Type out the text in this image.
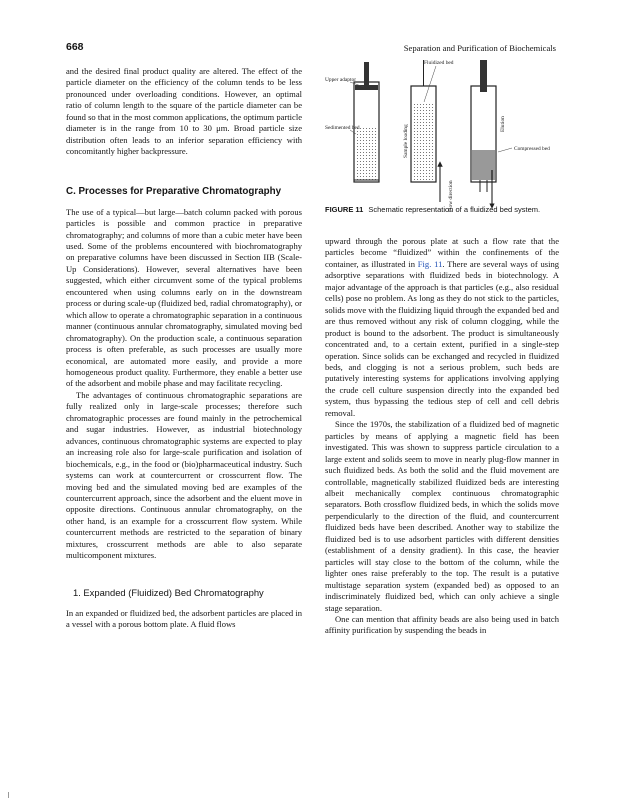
668	Separation and Purification of Biochemicals

and the desired final product quality are altered. The effect of the particle diameter on the efficiency of the column tends to be less pronounced under overloading conditions. However, an optimal ratio of column length to the square of the particle diameter can be found so that in the most common applications, the optimum particle diameter is in the range from 10 to 30 μm. Broad particle size distribution often leads to an inferior separation efficiency with concomitantly higher backpressure.

C. Processes for Preparative Chromatography

The use of a typical—but large—batch column packed with porous particles is possible and common practice in preparative chromatography; and columns of more than a cubic meter have been used. Some of the problems encountered with biochromatography on preparative columns have been discussed in Section IIB (Scale-Up Considerations). However, several alternatives have been suggested, which either circumvent some of the typical problems encountered when using columns early on in the downstream process or during scale-up (fluidized bed, radial chromatography), or which allow to operate a chromatographic separation in a continuous manner (continuous annular chromatography, simulated moving bed chromatography). On the production scale, a continuous separation process is often preferable, as such processes are usually more economical, are automated more easily, and provide a more homogeneous product quality. Furthermore, they enable a better use of the adsorbent and mobile phase and may facilitate recycling.

The advantages of continuous chromatographic separations are fully realized only in large-scale processes; therefore such chromatographic processes are found mainly in the petrochemical and sugar industries. However, as industrial biotechnology advances, continuous chromatographic systems are expected to play an increasing role also for large-scale purification and isolation of biochemicals, e.g., in the food or (bio)pharmaceutical industry. Such systems can work at countercurrent or crosscurrent flow. The moving bed and the simulated moving bed are examples of the countercurrent approach, since the adsorbent and the eluent move in opposite directions. Continuous annular chromatography, on the other hand, is an example for a crosscurrent flow system. While countercurrent methods are restricted to the separation of binary mixtures, crosscurrent methods are able to also separate multicomponent mixtures.

1. Expanded (Fluidized) Bed Chromatography

In an expanded or fluidized bed, the adsorbent particles are placed in a vessel with a porous bottom plate. A fluid flows

Fluidized bed
Upper adaptor
Sedimented bed	Sample loading
Elution
Compressed bed
Flow direction
FIGURE 11 Schematic representation of a fluidized bed system.

upward through the porous plate at such a flow rate that the particles become “fluidized” within the confinements of the container, as illustrated in Fig. 11. There are several ways of using adsorptive separations with fluidized beds in biotechnology. A major advantage of the approach is that particles (e.g., also residual cells) pose no problem. As long as they do not stick to the particles, solids move with the fluidizing liquid through the expanded bed and are thus removed without any risk of column clogging, while the product is bound to the adsorbent. The product is simultaneously concentrated and, to a certain extent, purified in a single-step operation. Since solids can be exchanged and recycled in fluidized beds, and clogging is not a serious problem, such beds are putatively interesting systems for applications involving applying the crude cell culture suspension directly into the expanded bed system, thus bypassing the tedious step of cell and cell debris removal.

Since the 1970s, the stabilization of a fluidized bed of magnetic particles by means of applying a magnetic field has been investigated. This was shown to suppress particle circulation to a large extent and solids seem to move in nearly plug-flow manner in such fluidized beds. As both the solid and the fluid movement are controllable, magnetically stabilized fluidized beds are interesting albeit mechanically complex continuous chromatographic separators. Both crossflow fluidized beds, in which the solids move perpendicularly to the direction of the fluid, and countercurrent fluidized beds have been described. Another way to stabilize the fluidized bed is to use adsorbent particles with different densities (establishment of a density gradient). In this case, the heavier particles will stay close to the bottom of the column, while the lighter ones raise preferably to the top. The result is a putative multistage separation system (expanded bed) as opposed to an indiscriminately fluidized bed, which can only achieve a single stage separation.

One can mention that affinity beads are also being used in batch affinity purification by suspending the beads in
